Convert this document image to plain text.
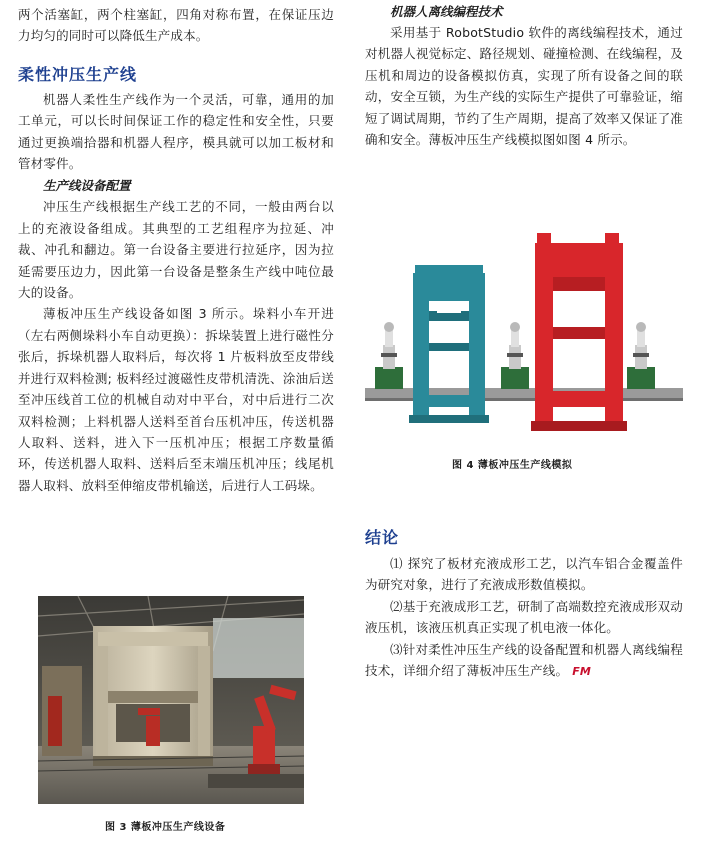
两个活塞缸，两个柱塞缸，四角对称布置，在保证压边力均匀的同时可以降低生产成本。

柔性冲压生产线

机器人柔性生产线作为一个灵活，可靠，通用的加工单元，可以长时间保证工作的稳定性和安全性，只要通过更换端拾器和机器人程序，模具就可以加工板材和管材零件。

生产线设备配置

冲压生产线根据生产线工艺的不同，一般由两台以上的充液设备组成。其典型的工艺组程序为拉延、冲裁、冲孔和翻边。第一台设备主要进行拉延序，因为拉延需要压边力，因此第一台设备是整条生产线中吨位最大的设备。

薄板冲压生产线设备如图 3 所示。垛料小车开进（左右两侧垛料小车自动更换）：拆垛装置上进行磁性分张后，拆垛机器人取料后，每次将 1 片板料放至皮带线并进行双料检测; 板料经过渡磁性皮带机清洗、涂油后送至冲压线首工位的机械自动对中平台，对中后进行二次双料检测；上料机器人送料至首台压机冲压，传送机器人取料、送料，进入下一压机冲压；根据工序数量循环，传送机器人取料、送料后至末端压机冲压；线尾机器人取料、放料至伸缩皮带机输送，后进行人工码垛。

图 3 薄板冲压生产线设备
机器人离线编程技术

采用基于 RobotStudio 软件的离线编程技术，通过对机器人视觉标定、路径规划、碰撞检测、在线编程，及压机和周边的设备模拟仿真，实现了所有设备之间的联动，安全互锁，为生产线的实际生产提供了可靠验证，缩短了调试周期，节约了生产周期，提高了效率又保证了准确和安全。薄板冲压生产线模拟图如图 4 所示。

图 4 薄板冲压生产线模拟
结论

⑴ 探究了板材充液成形工艺，以汽车铝合金覆盖件为研究对象，进行了充液成形数值模拟。

⑵基于充液成形工艺，研制了高端数控充液成形双动液压机，该液压机真正实现了机电液一体化。

⑶针对柔性冲压生产线的设备配置和机器人离线编程技术，详细介绍了薄板冲压生产线。 FM
